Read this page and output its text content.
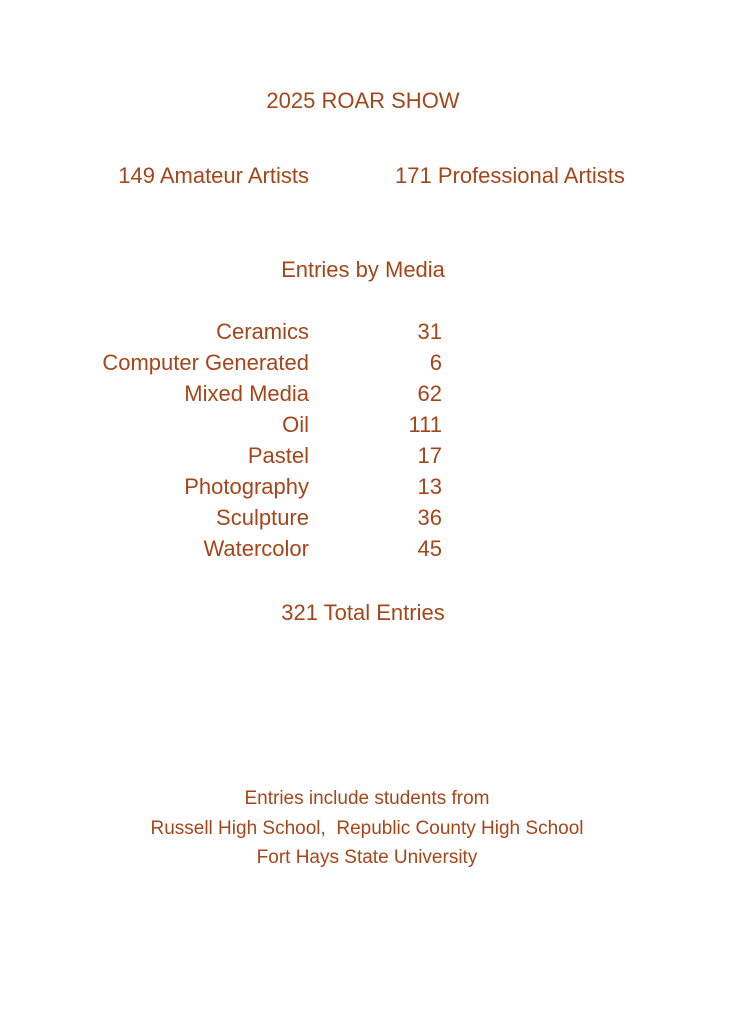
2025 ROAR SHOW
149 Amateur Artists	171 Professional Artists
Entries by Media
Ceramics	31
Computer Generated	6
Mixed Media	62
Oil	111
Pastel	17
Photography	13
Sculpture	36
Watercolor	45
321 Total Entries
Entries include students from
Russell High School,  Republic County High School
Fort Hays State University
